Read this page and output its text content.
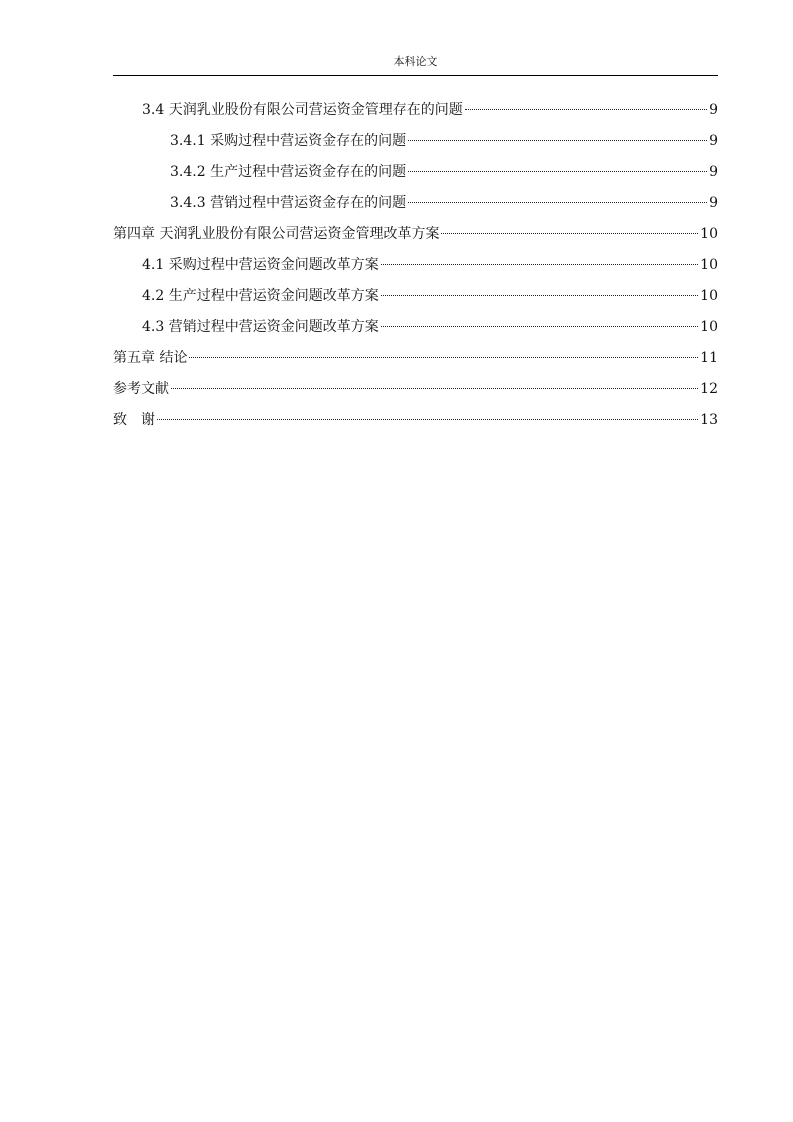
本科论文
3.4 天润乳业股份有限公司营运资金管理存在的问题	9
3.4.1 采购过程中营运资金存在的问题	9
3.4.2 生产过程中营运资金存在的问题	9
3.4.3 营销过程中营运资金存在的问题	9
第四章 天润乳业股份有限公司营运资金管理改革方案	10
4.1 采购过程中营运资金问题改革方案	10
4.2 生产过程中营运资金问题改革方案	10
4.3 营销过程中营运资金问题改革方案	10
第五章 结论	11
参考文献	12
致　谢	13
